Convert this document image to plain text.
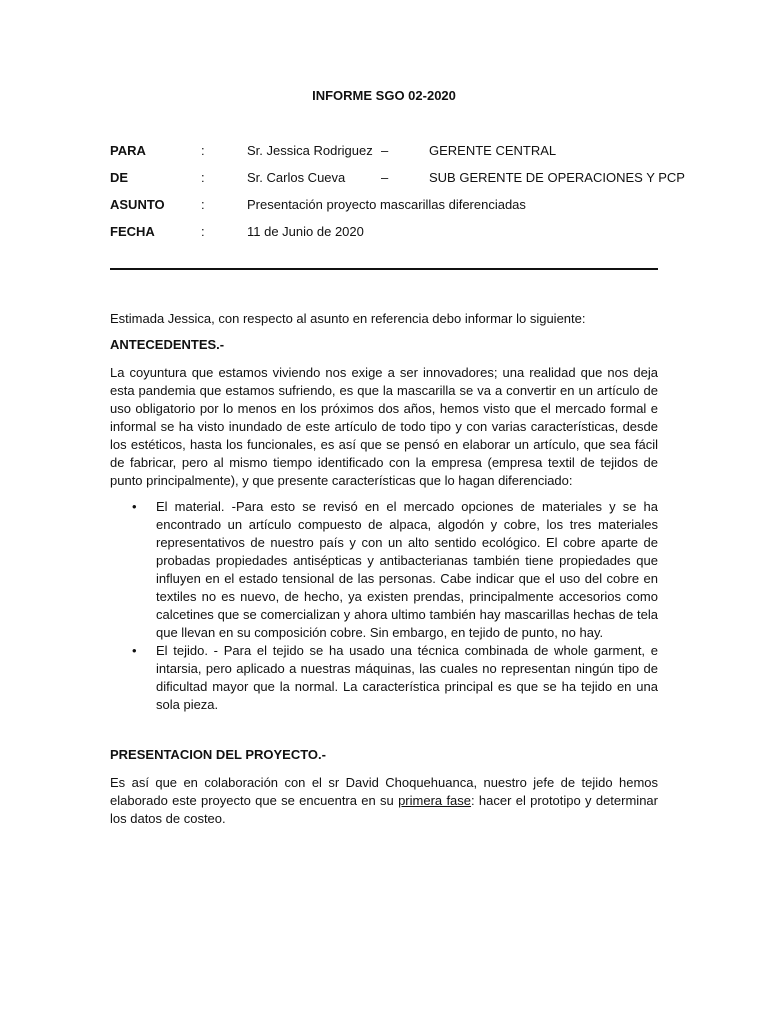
INFORME SGO 02-2020
PARA	:	Sr. Jessica Rodriguez –	GERENTE CENTRAL
DE	:	Sr. Carlos Cueva	–	SUB GERENTE DE OPERACIONES Y PCP
ASUNTO	:	Presentación proyecto mascarillas diferenciadas
FECHA	:	11 de Junio de 2020

Estimada Jessica, con respecto al asunto en referencia debo informar lo siguiente:

ANTECEDENTES.-

La coyuntura que estamos viviendo nos exige a ser innovadores; una realidad que nos deja esta pandemia que estamos sufriendo, es que la mascarilla se va a convertir en un artículo de uso obligatorio por lo menos en los próximos dos años, hemos visto que el mercado formal e informal se ha visto inundado de este artículo de todo tipo y con varias características, desde los estéticos, hasta los funcionales, es así que se pensó en elaborar un artículo, que sea fácil de fabricar, pero al mismo tiempo identificado con la empresa (empresa textil de tejidos de punto principalmente), y que presente características que lo hagan diferenciado:

• El material. -Para esto se revisó en el mercado opciones de materiales y se ha encontrado un artículo compuesto de alpaca, algodón y cobre, los tres materiales representativos de nuestro país y con un alto sentido ecológico. El cobre aparte de probadas propiedades antisépticas y antibacterianas también tiene propiedades que influyen en el estado tensional de las personas. Cabe indicar que el uso del cobre en textiles no es nuevo, de hecho, ya existen prendas, principalmente accesorios como calcetines que se comercializan y ahora ultimo también hay mascarillas hechas de tela que llevan en su composición cobre. Sin embargo, en tejido de punto, no hay.
• El tejido. - Para el tejido se ha usado una técnica combinada de whole garment, e intarsia, pero aplicado a nuestras máquinas, las cuales no representan ningún tipo de dificultad mayor que la normal. La característica principal es que se ha tejido en una sola pieza.

PRESENTACION DEL PROYECTO.-

Es así que en colaboración con el sr David Choquehuanca, nuestro jefe de tejido hemos elaborado este proyecto que se encuentra en su primera fase: hacer el prototipo y determinar los datos de costeo.
